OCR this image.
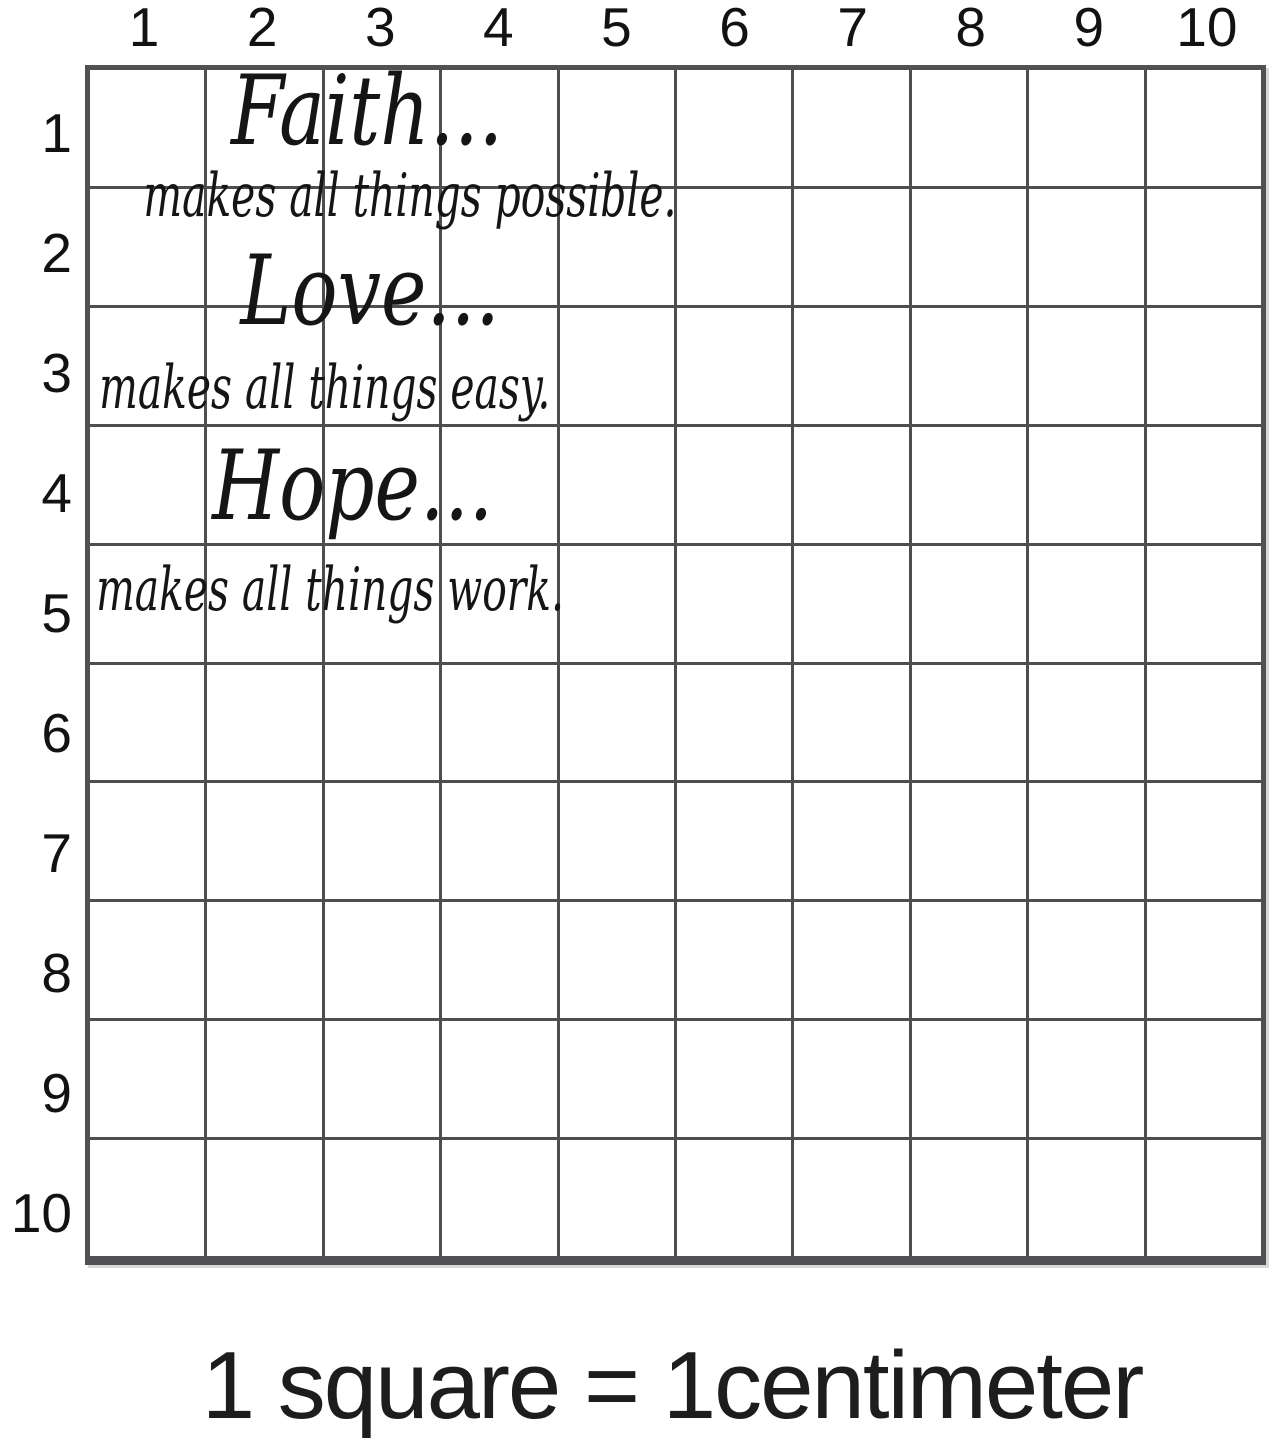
1	2	3	4	5	6	7	8	9	10
1
2
3
4
5
6
7
8
9
10
Faith...
makes all things possible.
Love...
makes all things easy.
Hope...
makes all things work.
1 square = 1centimeter
